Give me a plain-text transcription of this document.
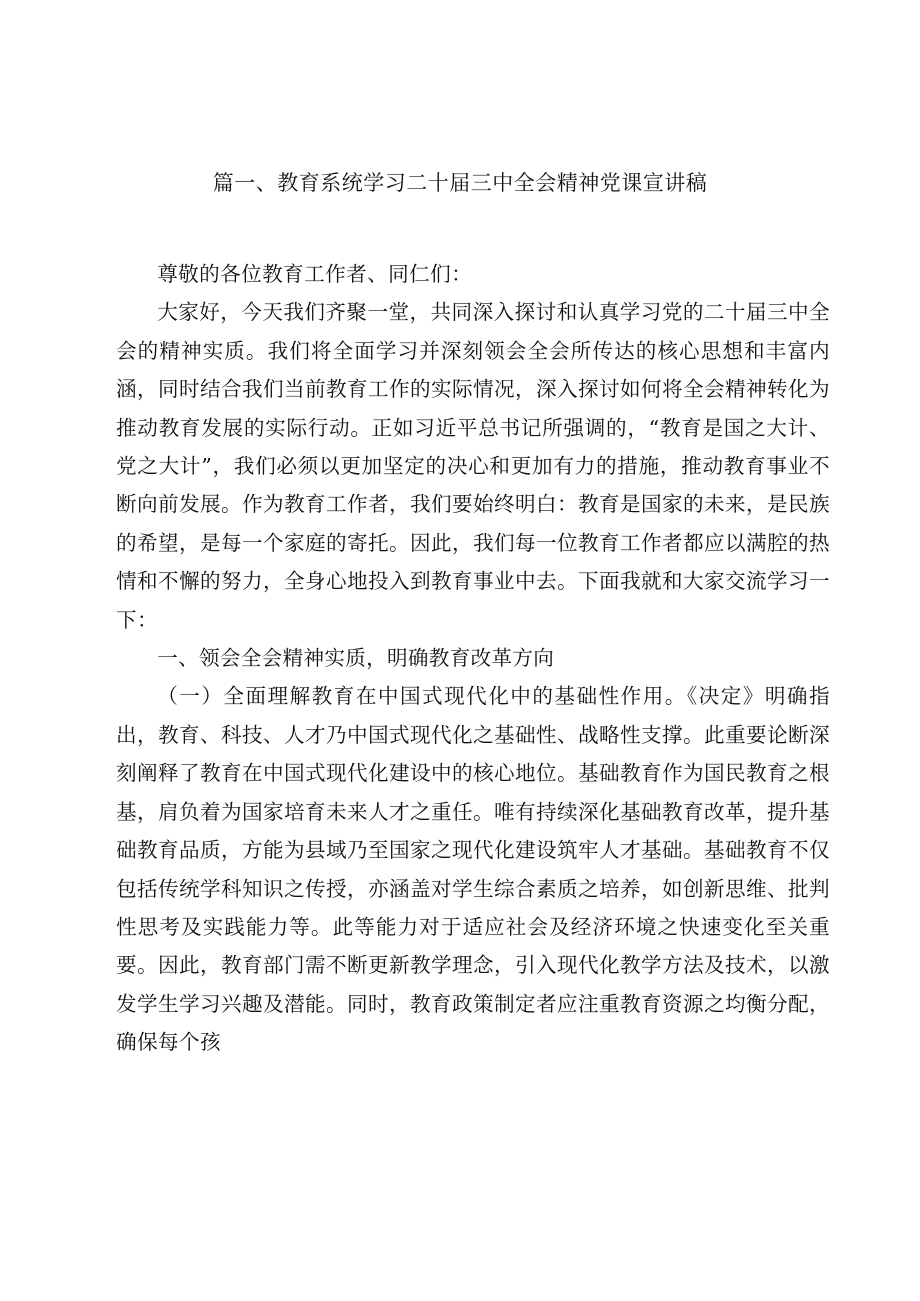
篇一、教育系统学习二十届三中全会精神党课宣讲稿

尊敬的各位教育工作者、同仁们：

大家好，今天我们齐聚一堂，共同深入探讨和认真学习党的二十届三中全会的精神实质。我们将全面学习并深刻领会全会所传达的核心思想和丰富内涵，同时结合我们当前教育工作的实际情况，深入探讨如何将全会精神转化为推动教育发展的实际行动。正如习近平总书记所强调的，“教育是国之大计、党之大计”，我们必须以更加坚定的决心和更加有力的措施，推动教育事业不断向前发展。作为教育工作者，我们要始终明白：教育是国家的未来，是民族的希望，是每一个家庭的寄托。因此，我们每一位教育工作者都应以满腔的热情和不懈的努力，全身心地投入到教育事业中去。下面我就和大家交流学习一下：

一、领会全会精神实质，明确教育改革方向

（一）全面理解教育在中国式现代化中的基础性作用。《决定》明确指出，教育、科技、人才乃中国式现代化之基础性、战略性支撑。此重要论断深刻阐释了教育在中国式现代化建设中的核心地位。基础教育作为国民教育之根基，肩负着为国家培育未来人才之重任。唯有持续深化基础教育改革，提升基础教育品质，方能为县域乃至国家之现代化建设筑牢人才基础。基础教育不仅包括传统学科知识之传授，亦涵盖对学生综合素质之培养，如创新思维、批判性思考及实践能力等。此等能力对于适应社会及经济环境之快速变化至关重要。因此，教育部门需不断更新教学理念，引入现代化教学方法及技术，以激发学生学习兴趣及潜能。同时，教育政策制定者应注重教育资源之均衡分配，确保每个孩
